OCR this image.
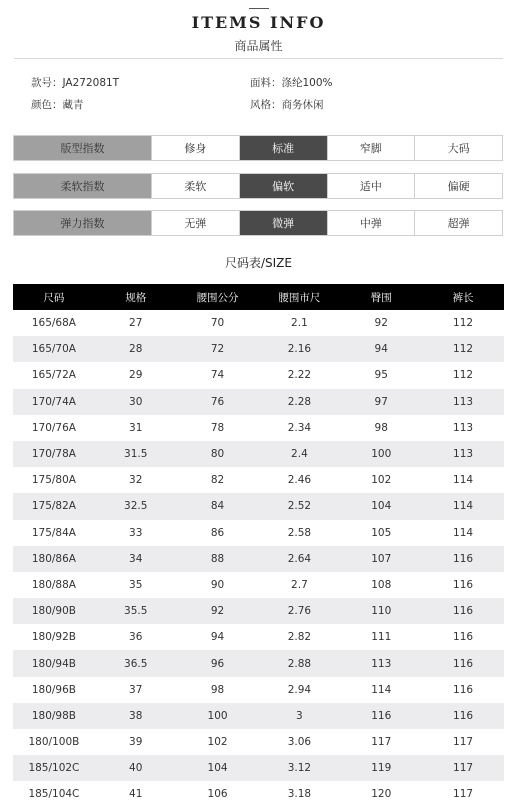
ITEMS INFO
商品属性
款号：JA272081T	面料：涤纶100%
颜色：藏青	风格：商务休闲
版型指数	修身	标准	窄脚	大码
柔软指数	柔软	偏软	适中	偏硬
弹力指数	无弹	微弹	中弹	超弹
尺码表/SIZE
尺码	规格	腰围公分	腰围市尺	臀围	裤长
165/68A	27	70	2.1	92	112
165/70A	28	72	2.16	94	112
165/72A	29	74	2.22	95	112
170/74A	30	76	2.28	97	113
170/76A	31	78	2.34	98	113
170/78A	31.5	80	2.4	100	113
175/80A	32	82	2.46	102	114
175/82A	32.5	84	2.52	104	114
175/84A	33	86	2.58	105	114
180/86A	34	88	2.64	107	116
180/88A	35	90	2.7	108	116
180/90B	35.5	92	2.76	110	116
180/92B	36	94	2.82	111	116
180/94B	36.5	96	2.88	113	116
180/96B	37	98	2.94	114	116
180/98B	38	100	3	116	116
180/100B	39	102	3.06	117	117
185/102C	40	104	3.12	119	117
185/104C	41	106	3.18	120	117
